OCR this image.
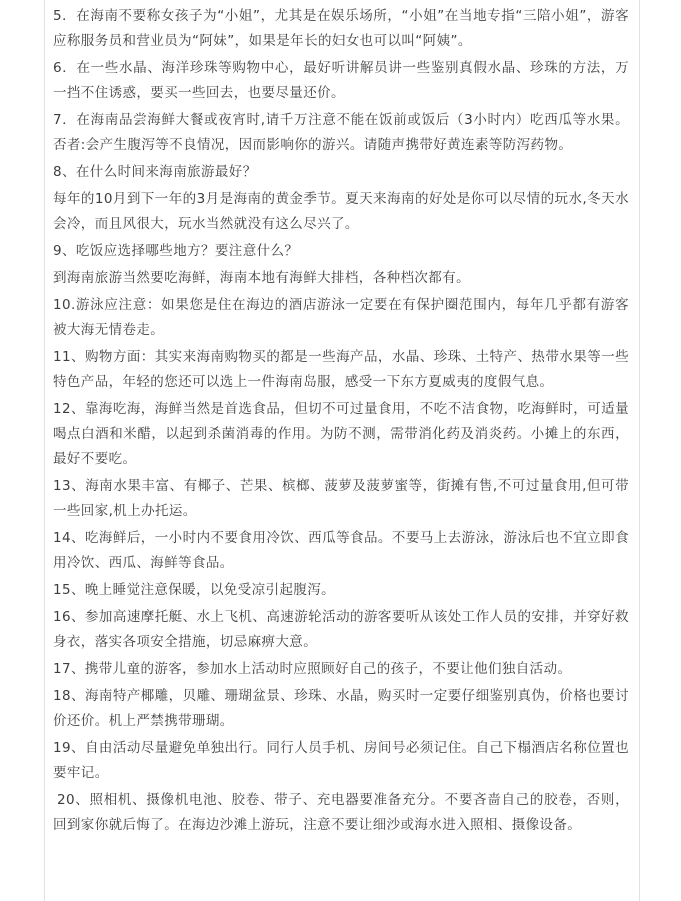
5．在海南不要称女孩子为“小姐”，尤其是在娱乐场所，“小姐”在当地专指“三陪小姐”，游客应称服务员和营业员为“阿妹”，如果是年长的妇女也可以叫“阿姨”。

6．在一些水晶、海洋珍珠等购物中心，最好听讲解员讲一些鉴别真假水晶、珍珠的方法，万一挡不住诱惑，要买一些回去，也要尽量还价。

7．在海南品尝海鲜大餐或夜宵时,请千万注意不能在饭前或饭后（3小时内）吃西瓜等水果。否者:会产生腹泻等不良情况，因而影响你的游兴。请随声携带好黄连素等防泻药物。

8、在什么时间来海南旅游最好？

每年的10月到下一年的3月是海南的黄金季节。夏天来海南的好处是你可以尽情的玩水,冬天水会冷，而且风很大，玩水当然就没有这么尽兴了。

9、吃饭应选择哪些地方？要注意什么？

到海南旅游当然要吃海鲜，海南本地有海鲜大排档，各种档次都有。

10.游泳应注意：如果您是住在海边的酒店游泳一定要在有保护圈范围内，每年几乎都有游客被大海无情卷走。

11、购物方面：其实来海南购物买的都是一些海产品，水晶、珍珠、土特产、热带水果等一些特色产品，年轻的您还可以选上一件海南岛服，感受一下东方夏威夷的度假气息。

12、靠海吃海，海鲜当然是首选食品，但切不可过量食用，不吃不洁食物，吃海鲜时，可适量喝点白酒和米醋，以起到杀菌消毒的作用。为防不测，需带消化药及消炎药。小摊上的东西，最好不要吃。

13、海南水果丰富、有椰子、芒果、槟榔、菠萝及菠萝蜜等，街摊有售,不可过量食用,但可带一些回家,机上办托运。

14、吃海鲜后，一小时内不要食用冷饮、西瓜等食品。不要马上去游泳，游泳后也不宜立即食用冷饮、西瓜、海鲜等食品。

15、晚上睡觉注意保暖，以免受凉引起腹泻。

16、参加高速摩托艇、水上飞机、高速游轮活动的游客要听从该处工作人员的安排，并穿好救身衣，落实各项安全措施，切忌麻痹大意。

17、携带儿童的游客，参加水上活动时应照顾好自己的孩子，不要让他们独自活动。

18、海南特产椰雕，贝雕、珊瑚盆景、珍珠、水晶，购买时一定要仔细鉴别真伪，价格也要讨价还价。机上严禁携带珊瑚。

19、自由活动尽量避免单独出行。同行人员手机、房间号必须记住。自己下榻酒店名称位置也要牢记。

20、照相机、摄像机电池、胶卷、带子、充电器要准备充分。不要吝啬自己的胶卷，否则，回到家你就后悔了。在海边沙滩上游玩，注意不要让细沙或海水进入照相、摄像设备。
